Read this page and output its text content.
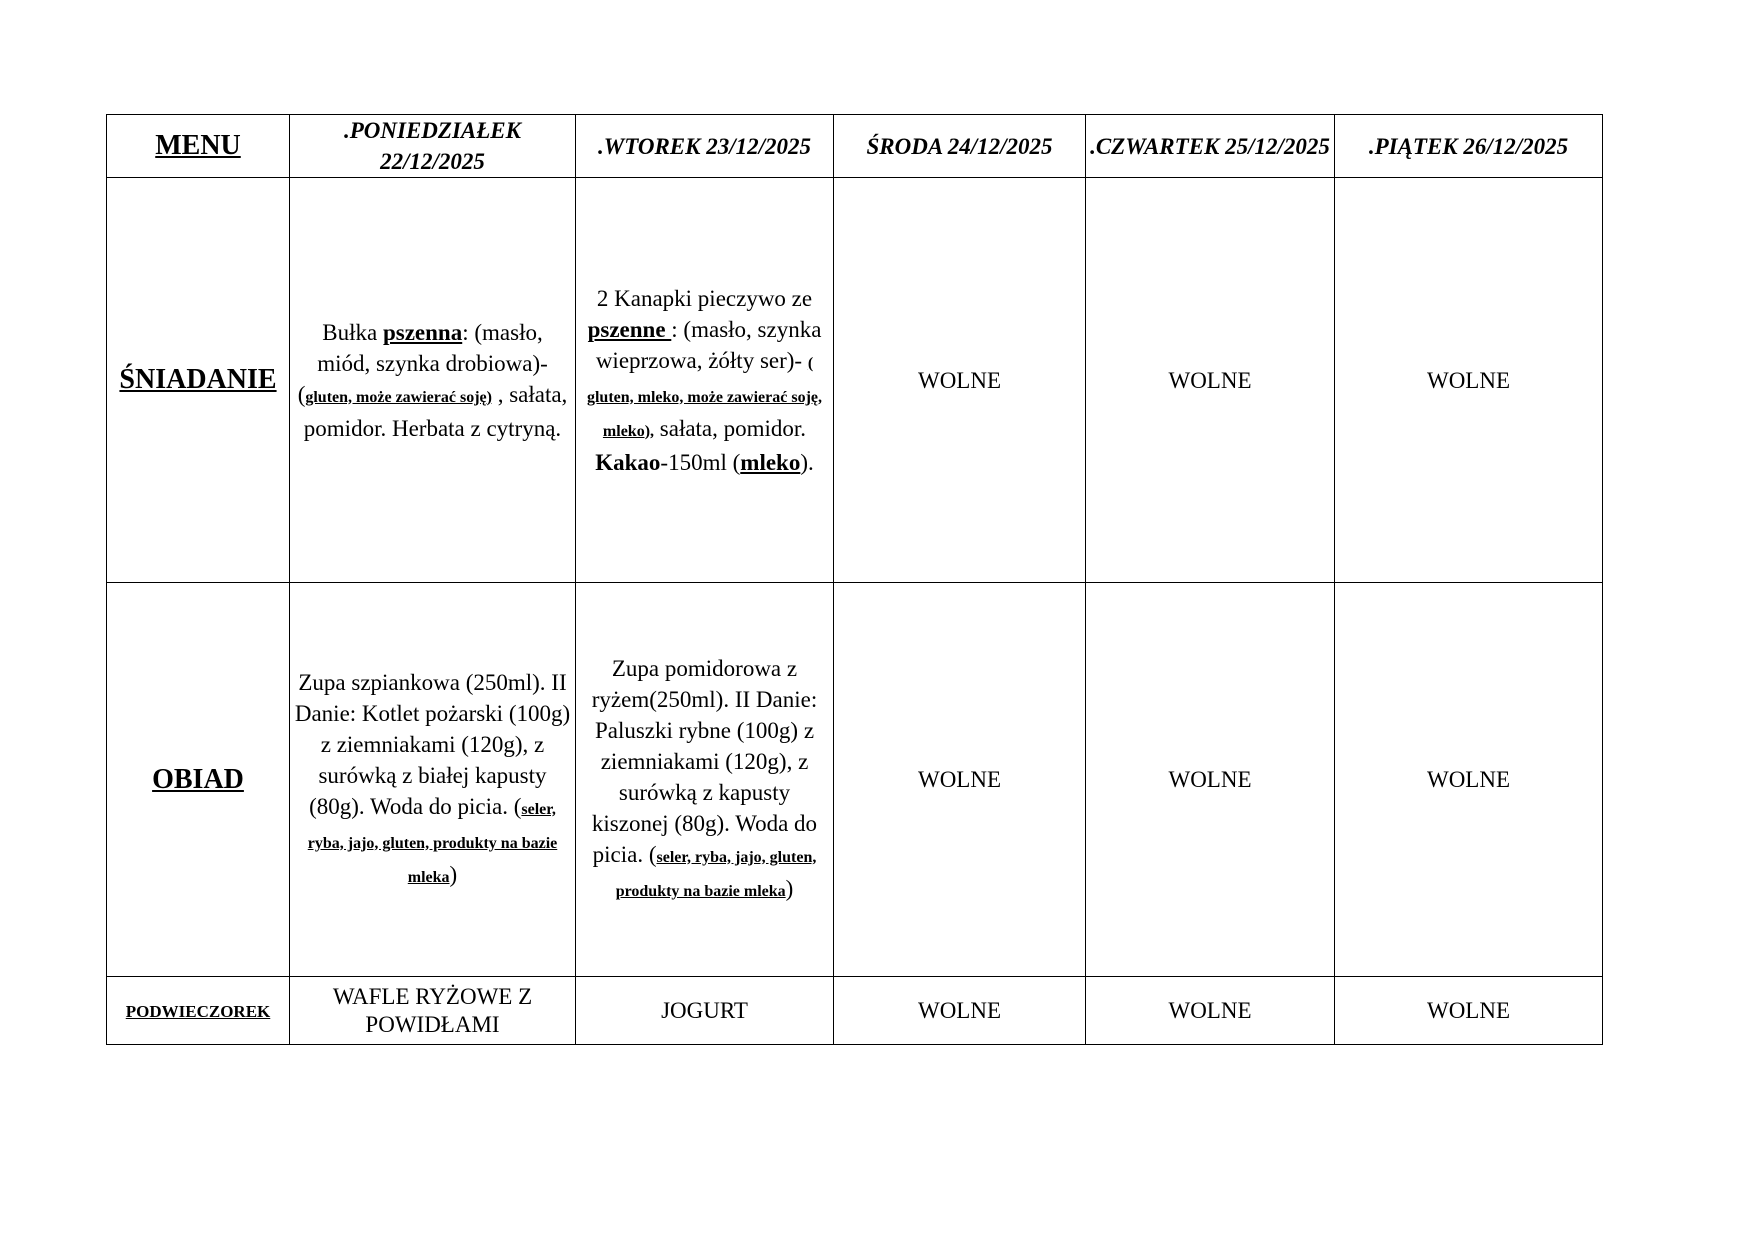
MENU	.PONIEDZIAŁEK 22/12/2025	.WTOREK 23/12/2025	ŚRODA 24/12/2025	.CZWARTEK 25/12/2025	.PIĄTEK 26/12/2025
ŚNIADANIE	Bułka pszenna: (masło, miód, szynka drobiowa)- (gluten, może zawierać soję) , sałata, pomidor. Herbata z cytryną.	2 Kanapki pieczywo ze pszenne : (masło, szynka wieprzowa, żółty ser)- ( gluten, mleko, może zawierać soję, mleko), sałata, pomidor. Kakao-150ml (mleko).	WOLNE	WOLNE	WOLNE
OBIAD	Zupa szpiankowa (250ml). II Danie: Kotlet pożarski (100g) z ziemniakami (120g), z surówką z białej kapusty (80g). Woda do picia. (seler, ryba, jajo, gluten, produkty na bazie mleka)	Zupa pomidorowa z ryżem(250ml). II Danie: Paluszki rybne (100g) z ziemniakami (120g), z surówką z kapusty kiszonej (80g). Woda do picia. (seler, ryba, jajo, gluten, produkty na bazie mleka)	WOLNE	WOLNE	WOLNE
PODWIECZOREK	WAFLE RYŻOWE Z POWIDŁAMI	JOGURT	WOLNE	WOLNE	WOLNE
